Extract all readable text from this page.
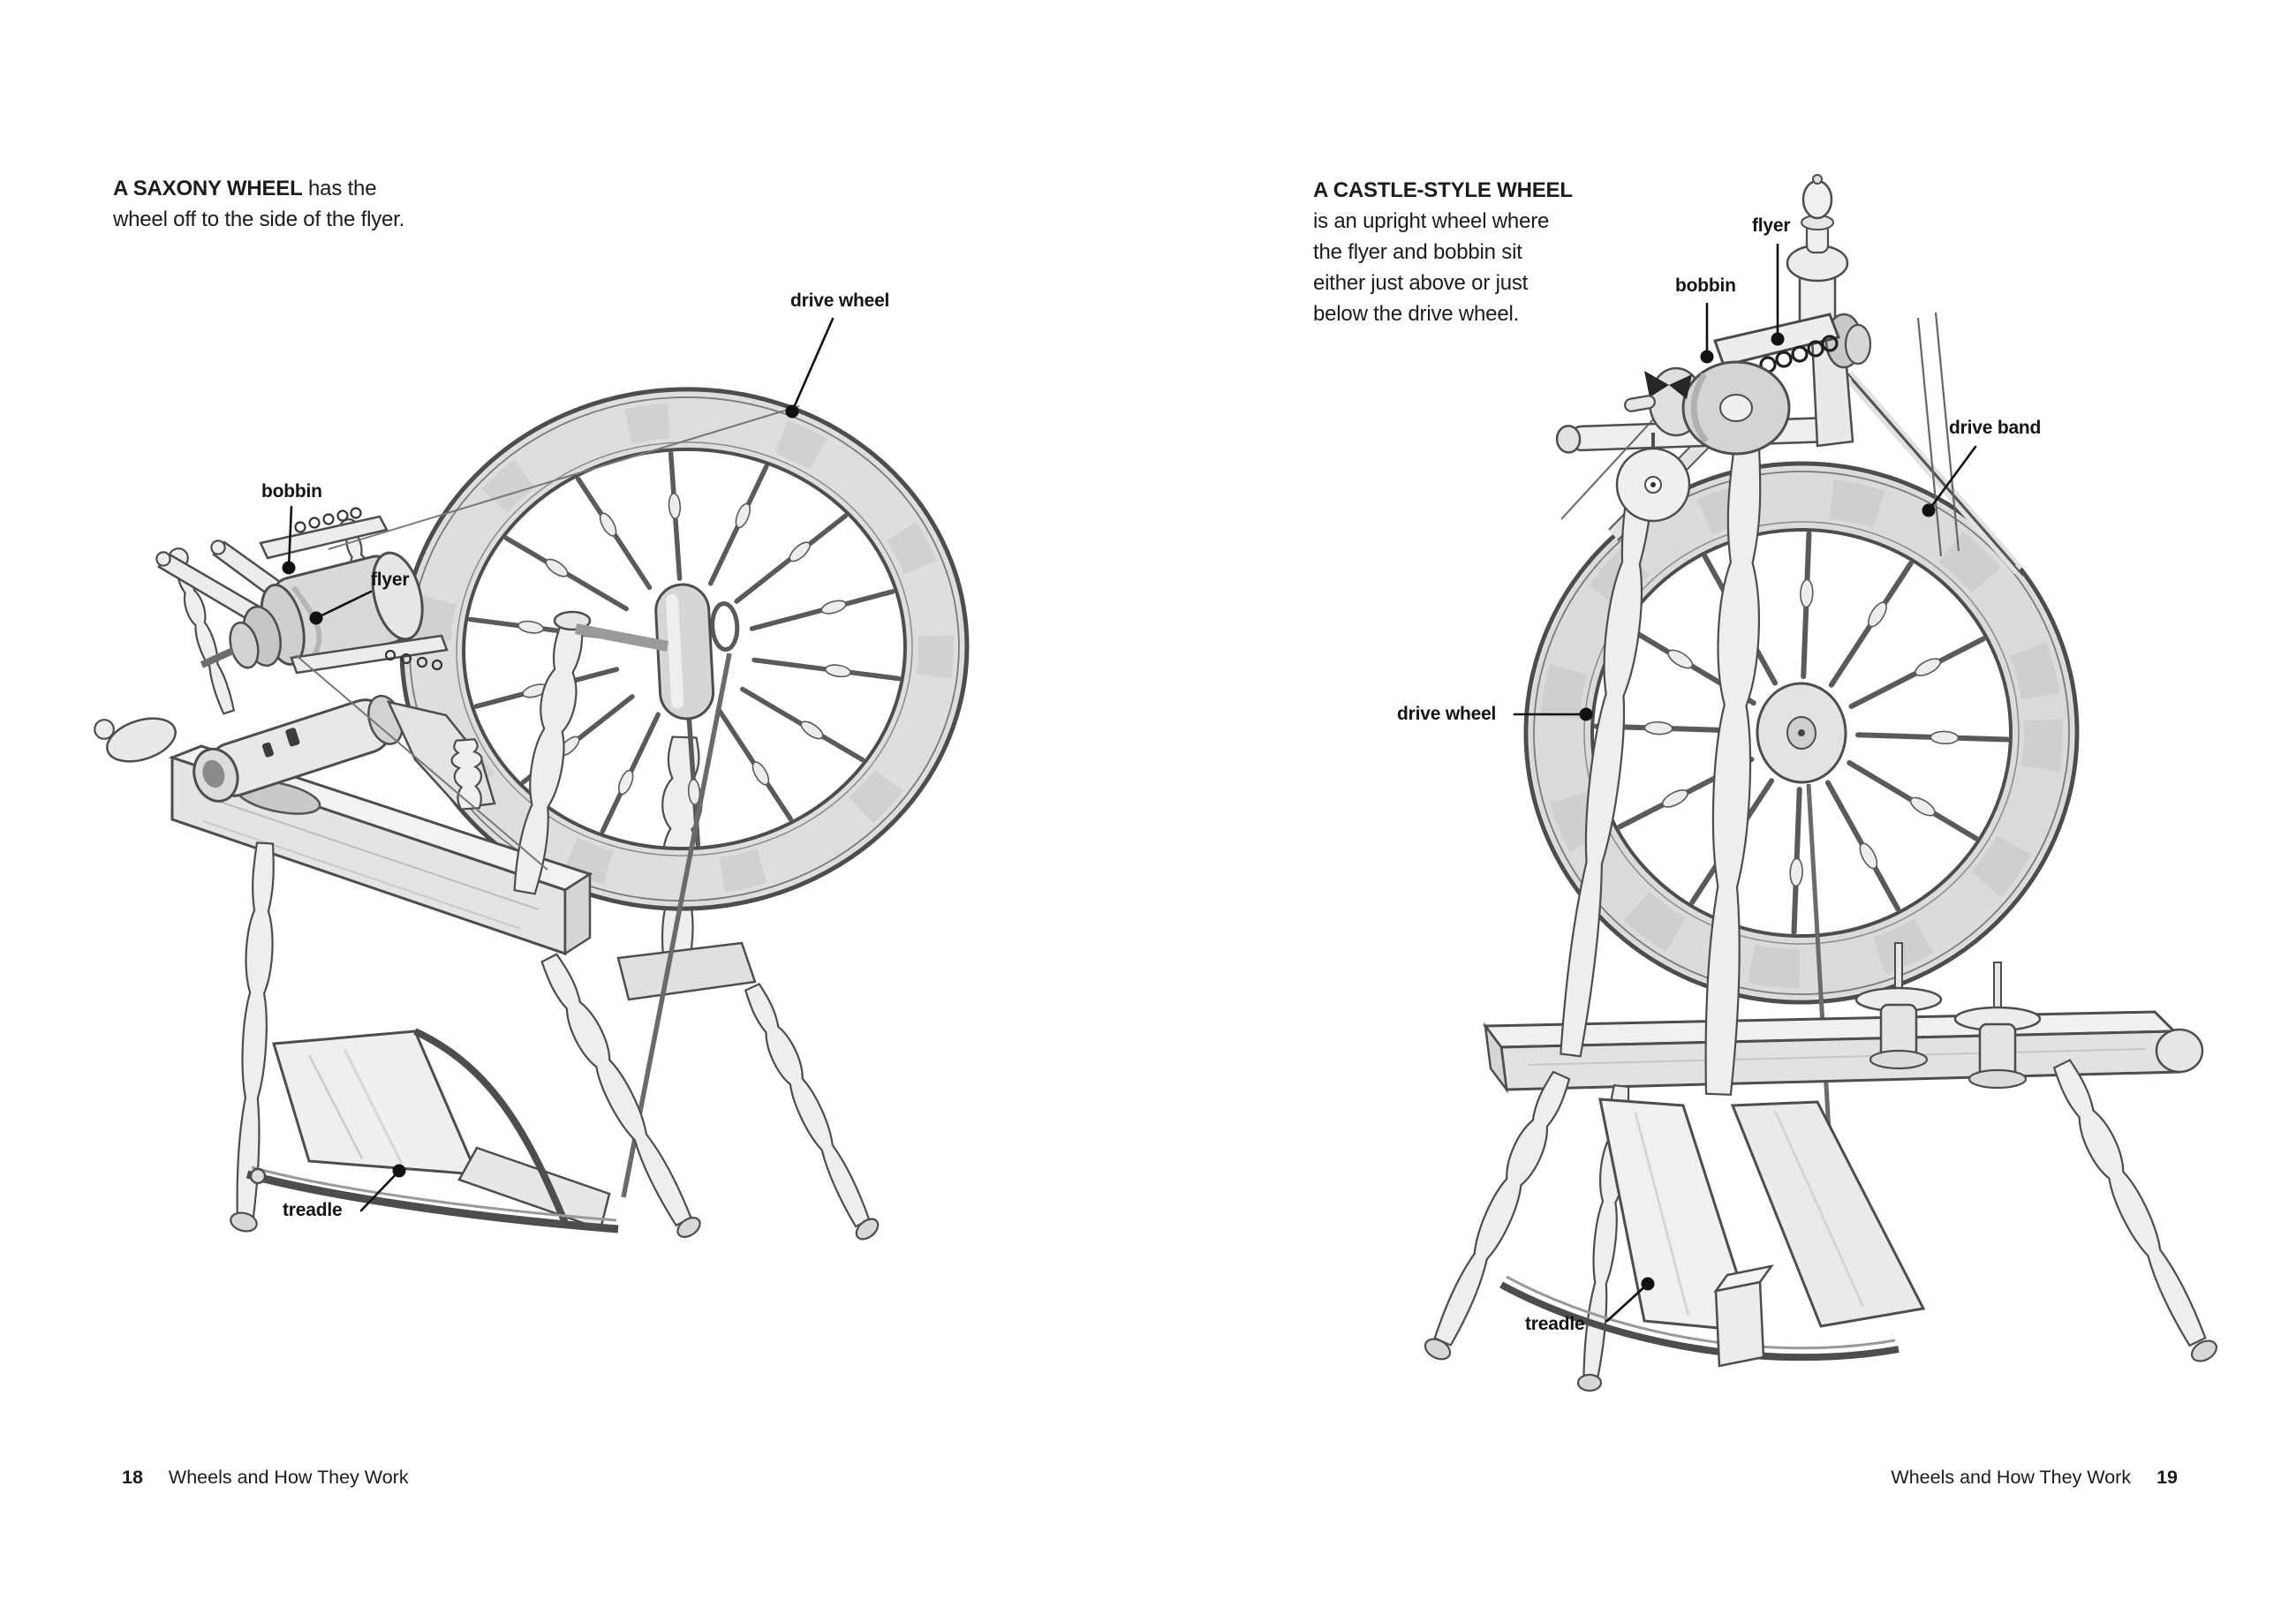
A SAXONY WHEEL has the
wheel off to the side of the flyer.
A CASTLE-STYLE WHEEL
is an upright wheel where
the flyer and bobbin sit
either just above or just
below the drive wheel.
drive wheel
bobbin
flyer
treadle
flyer
bobbin
drive band
drive wheel
treadle
18 Wheels and How They Work	Wheels and How They Work 19
